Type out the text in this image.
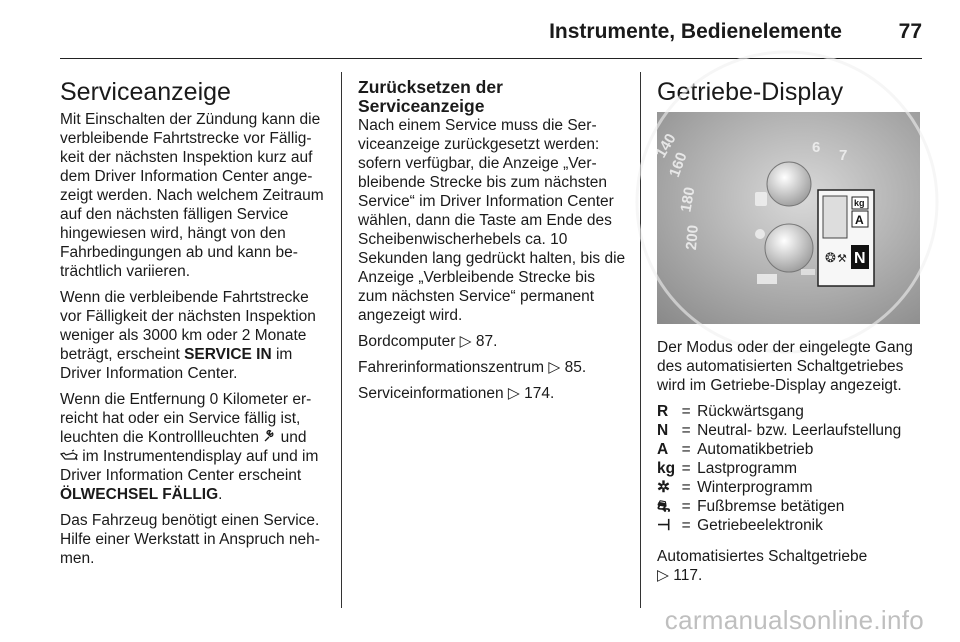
Instrumente, Bedienelemente	77
Serviceanzeige

Mit Einschalten der Zündung kann die verbleibende Fahrtstrecke vor Fälligkeit der nächsten Inspektion kurz auf dem Driver Information Center angezeigt werden. Nach welchem Zeitraum auf den nächsten fälligen Service hingewiesen wird, hängt von den Fahrbedingungen ab und kann beträchtlich variieren.

Wenn die verbleibende Fahrtstrecke vor Fälligkeit der nächsten Inspektion weniger als 3000 km oder 2 Monate beträgt, erscheint SERVICE IN im Driver Information Center.

Wenn die Entfernung 0 Kilometer erreicht hat oder ein Service fällig ist, leuchten die Kontrollleuchten  und  im Instrumentendisplay auf und im Driver Information Center erscheint ÖLWECHSEL FÄLLIG.

Das Fahrzeug benötigt einen Service. Hilfe einer Werkstatt in Anspruch nehmen.

Zurücksetzen der Serviceanzeige

Nach einem Service muss die Serviceanzeige zurückgesetzt werden: sofern verfügbar, die Anzeige „Verbleibende Strecke bis zum nächsten Service“ im Driver Information Center wählen, dann die Taste am Ende des Scheibenwischerhebels ca. 10 Sekunden lang gedrückt halten, bis die Anzeige „Verbleibende Strecke bis zum nächsten Service“ permanent angezeigt wird.

Bordcomputer ▷ 87.

Fahrerinformationszentrum ▷ 85.

Serviceinformationen ▷ 174.

Getriebe-Display
140
160
180
200
6 7
kg
A
N
❂ ⚒

Der Modus oder der eingelegte Gang des automatisierten Schaltgetriebes wird im Getriebe-Display angezeigt.

R	=	Rückwärtsgang
N	=	Neutral- bzw. Leerlaufstellung
A	=	Automatikbetrieb
kg	=	Lastprogramm
✲	=	Winterprogramm
⛐	=	Fußbremse betätigen
⊣	=	Getriebeelektronik

Automatisiertes Schaltgetriebe
▷ 117.

carmanualsonline.info
